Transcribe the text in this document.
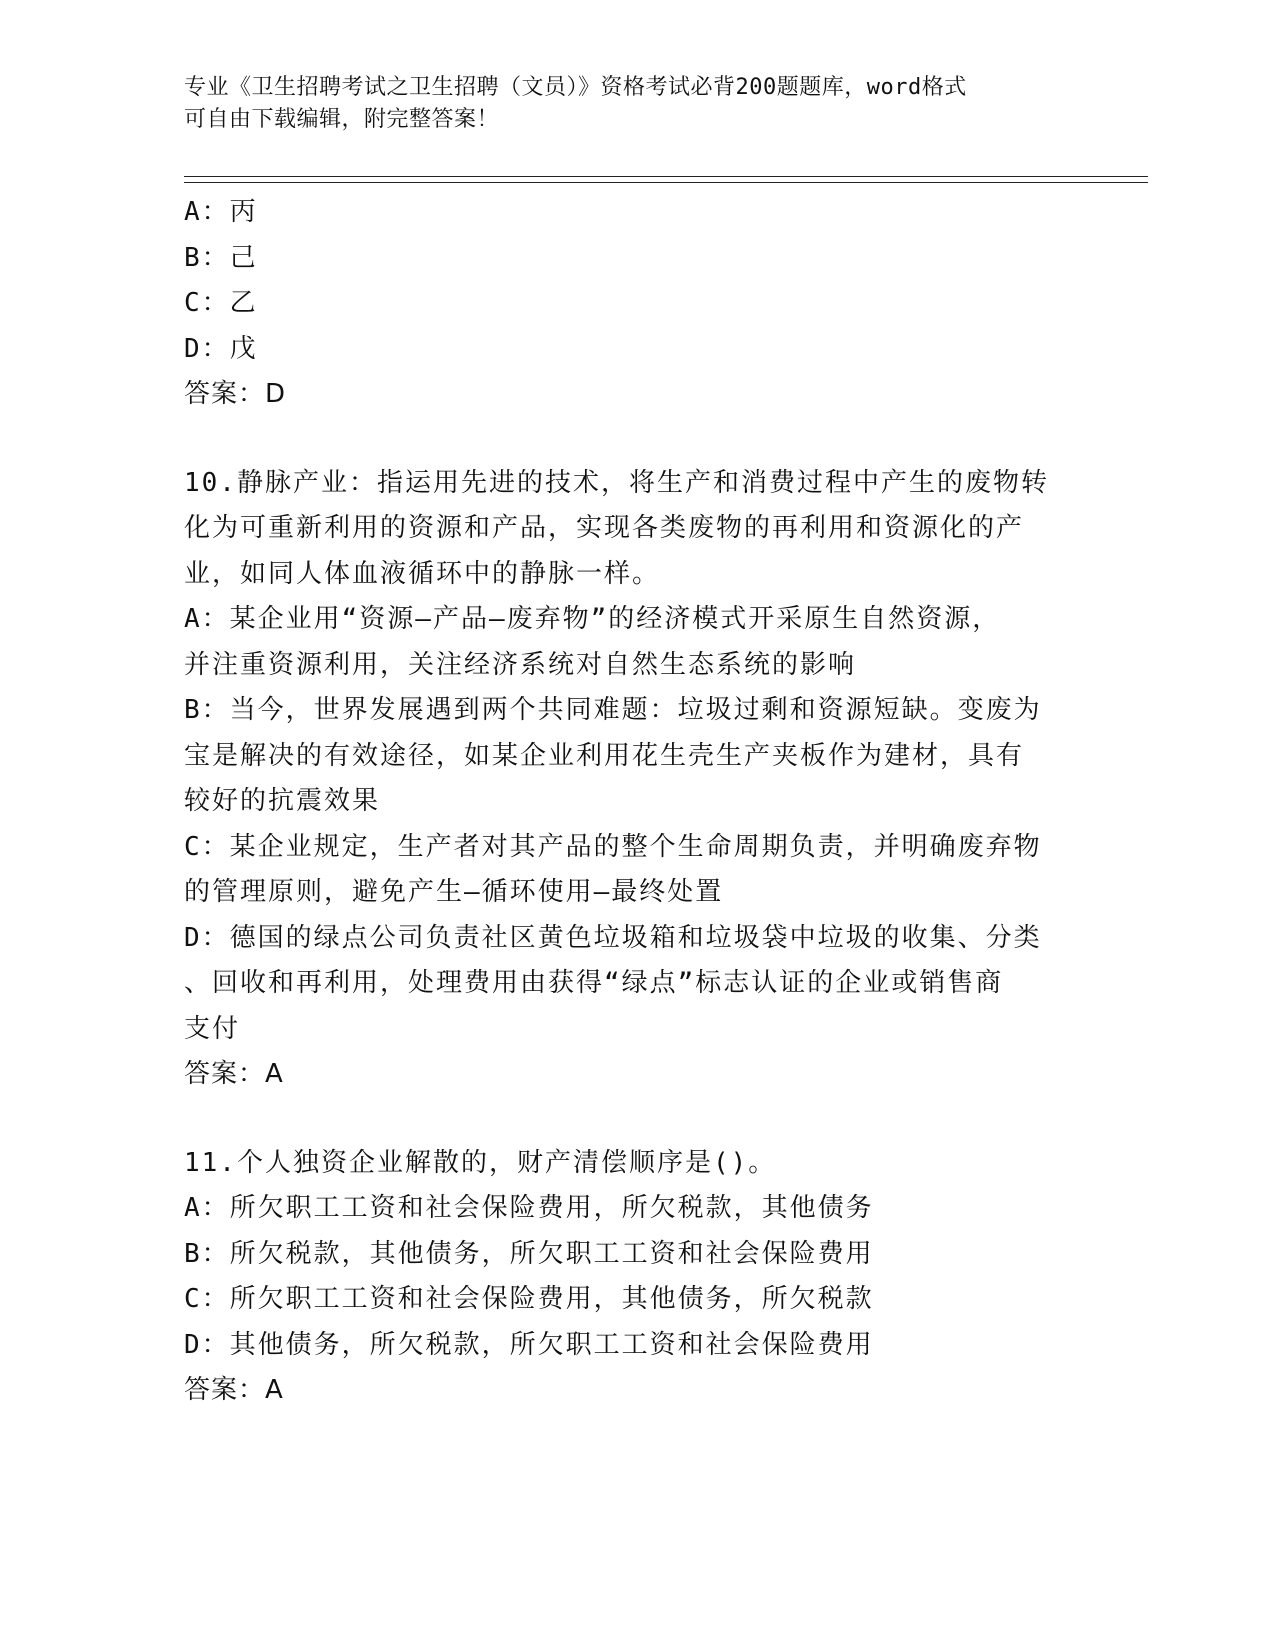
专业《卫生招聘考试之卫生招聘（文员）》资格考试必背200题题库，word格式
可自由下载编辑，附完整答案！
A：丙
B：己
C：乙
D：戊
答案：D
10.静脉产业：指运用先进的技术，将生产和消费过程中产生的废物转
化为可重新利用的资源和产品，实现各类废物的再利用和资源化的产
业，如同人体血液循环中的静脉一样。
A：某企业用“资源—产品—废弃物”的经济模式开采原生自然资源，
并注重资源利用，关注经济系统对自然生态系统的影响
B：当今，世界发展遇到两个共同难题：垃圾过剩和资源短缺。变废为
宝是解决的有效途径，如某企业利用花生壳生产夹板作为建材，具有
较好的抗震效果
C：某企业规定，生产者对其产品的整个生命周期负责，并明确废弃物
的管理原则，避免产生—循环使用—最终处置
D：德国的绿点公司负责社区黄色垃圾箱和垃圾袋中垃圾的收集、分类
、回收和再利用，处理费用由获得“绿点”标志认证的企业或销售商
支付
答案：A
11.个人独资企业解散的，财产清偿顺序是()。
A：所欠职工工资和社会保险费用，所欠税款，其他债务
B：所欠税款，其他债务，所欠职工工资和社会保险费用
C：所欠职工工资和社会保险费用，其他债务，所欠税款
D：其他债务，所欠税款，所欠职工工资和社会保险费用
答案：A
